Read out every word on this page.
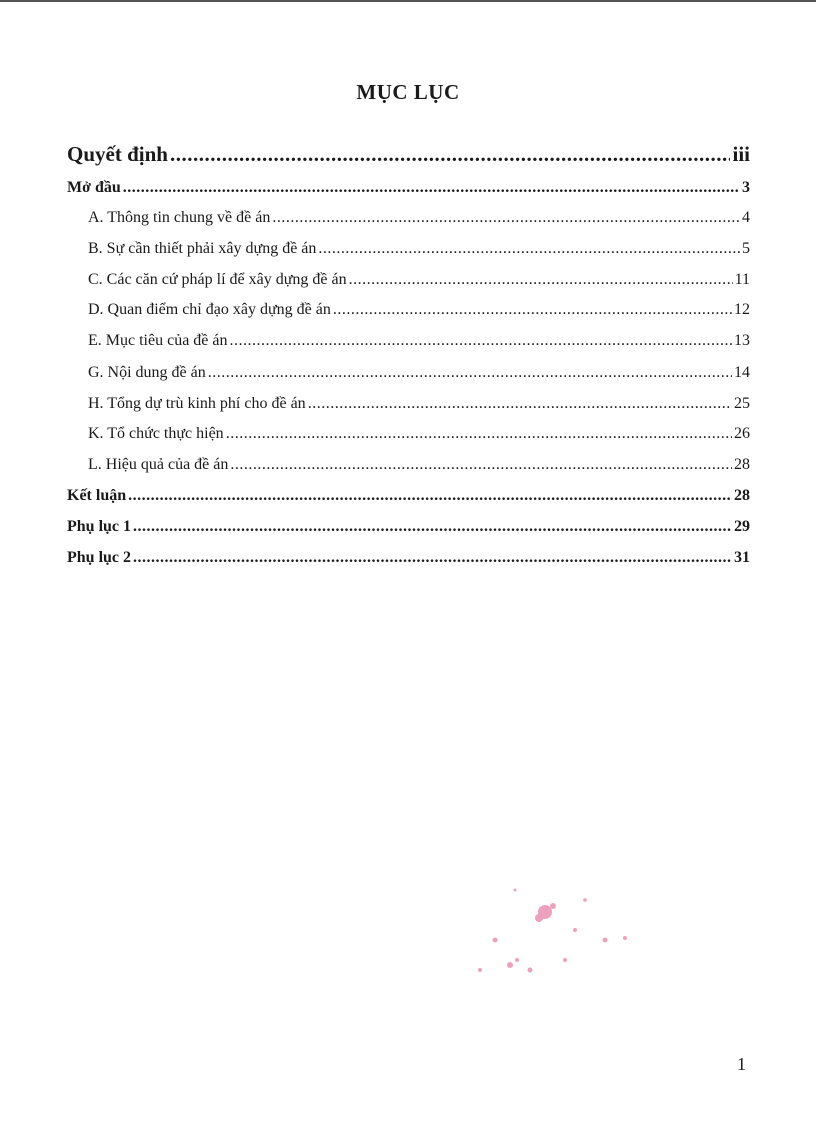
MỤC LỤC
Quyết định .....	iii
Mở đầu .....	3
A. Thông tin chung về đề án .....	4
B. Sự cần thiết phải xây dựng đề án .....	5
C. Các căn cứ pháp lí để xây dựng đề án .....	11
D. Quan điểm chỉ đạo xây dựng đề án .....	12
E. Mục tiêu của đề án .....	13
G. Nội dung đề án .....	14
H. Tổng dự trù kinh phí cho đề án .....	25
K. Tổ chức thực hiện .....	26
L. Hiệu quả của đề án .....	28
Kết luận .....	28
Phụ lục 1 .....	29
Phụ lục 2 .....	31
1
